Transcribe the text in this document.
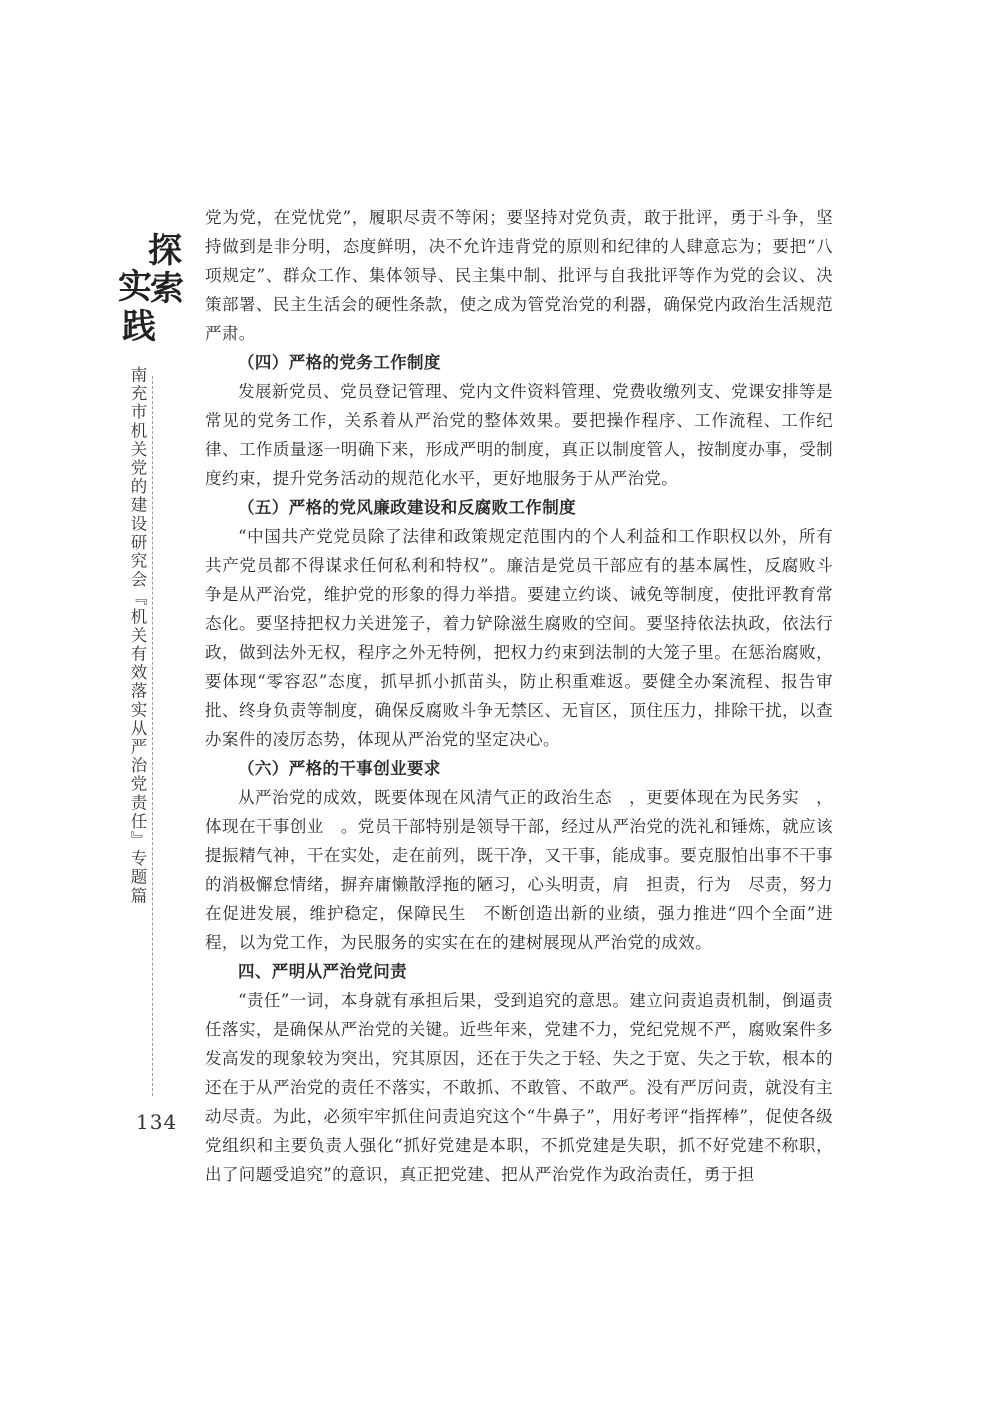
探
实
索
践
南充市机关党的建设研究会『机关有效落实从严治党责任』专题篇
134

党为党，在党忧党”，履职尽责不等闲；要坚持对党负责，敢于批评，勇于斗争，坚持做到是非分明，态度鲜明，决不允许违背党的原则和纪律的人肆意忘为；要把“八项规定”、群众工作、集体领导、民主集中制、批评与自我批评等作为党的会议、决策部署、民主生活会的硬性条款，使之成为管党治党的利器，确保党内政治生活规范严肃。

（四）严格的党务工作制度

发展新党员、党员登记管理、党内文件资料管理、党费收缴列支、党课安排等是常见的党务工作，关系着从严治党的整体效果。要把操作程序、工作流程、工作纪律、工作质量逐一明确下来，形成严明的制度，真正以制度管人，按制度办事，受制度约束，提升党务活动的规范化水平，更好地服务于从严治党。

（五）严格的党风廉政建设和反腐败工作制度

“中国共产党党员除了法律和政策规定范围内的个人利益和工作职权以外，所有共产党员都不得谋求任何私利和特权”。廉洁是党员干部应有的基本属性，反腐败斗争是从严治党，维护党的形象的得力举措。要建立约谈、诫免等制度，使批评教育常态化。要坚持把权力关进笼子，着力铲除滋生腐败的空间。要坚持依法执政，依法行政，做到法外无权，程序之外无特例，把权力约束到法制的大笼子里。在惩治腐败，要体现“零容忍”态度，抓早抓小抓苗头，防止积重难返。要健全办案流程、报告审批、终身负责等制度，确保反腐败斗争无禁区、无盲区，顶住压力，排除干扰，以查办案件的凌厉态势，体现从严治党的坚定决心。

（六）严格的干事创业要求

从严治党的成效，既要体现在风清气正的政治生态　，更要体现在为民务实　，体现在干事创业　。党员干部特别是领导干部，经过从严治党的洗礼和锤炼，就应该提振精气神，干在实处，走在前列，既干净，又干事，能成事。要克服怕出事不干事的消极懈怠情绪，摒弃庸懒散浮拖的陋习，心头明责，肩　担责，行为　尽责，努力在促进发展，维护稳定，保障民生　不断创造出新的业绩，强力推进“四个全面”进程，以为党工作，为民服务的实实在在的建树展现从严治党的成效。

四、严明从严治党问责

“责任”一词，本身就有承担后果，受到追究的意思。建立问责追责机制，倒逼责任落实，是确保从严治党的关键。近些年来，党建不力，党纪党规不严，腐败案件多发高发的现象较为突出，究其原因，还在于失之于轻、失之于宽、失之于软，根本的还在于从严治党的责任不落实，不敢抓、不敢管、不敢严。没有严厉问责，就没有主动尽责。为此，必须牢牢抓住问责追究这个“牛鼻子”，用好考评“指挥棒”，促使各级党组织和主要负责人强化“抓好党建是本职，不抓党建是失职，抓不好党建不称职，出了问题受追究”的意识，真正把党建、把从严治党作为政治责任，勇于担
